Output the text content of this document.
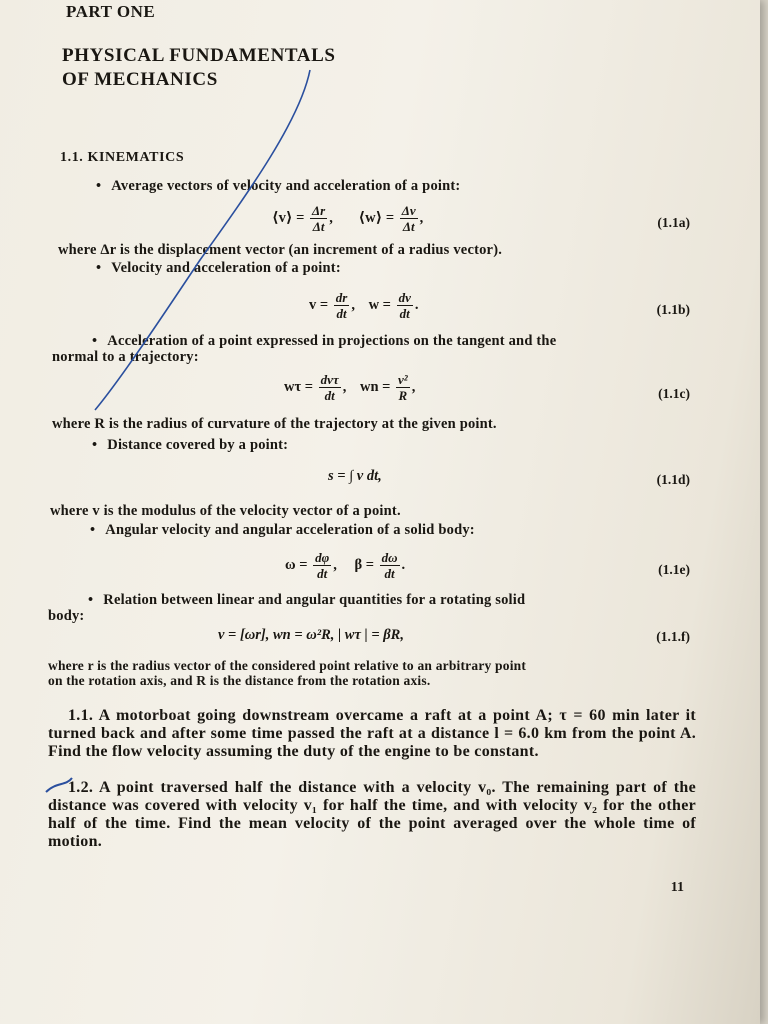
PART ONE
PHYSICAL FUNDAMENTALS
OF MECHANICS
1.1. KINEMATICS
• Average vectors of velocity and acceleration of a point:
⟨v⟩ = $\frac{\Delta r}{\Delta t}$ , ⟨w⟩ = $\frac{\Delta v}{\Delta t}$ ,	(1.1a)
where Δr is the displacement vector (an increment of a radius vector).
• Velocity and acceleration of a point:
$v = \frac{dr}{dt}$ , $w = \frac{dv}{dt}$ .	(1.1b)
• Acceleration of a point expressed in projections on the tangent and the
normal to a trajectory:
$w\tau = \frac{\text{dvτ}}{dt}$ , wn = $\frac{\text{v²}}{R}$ ,	(1.1c)
where R is the radius of curvature of the trajectory at the given point.
• Distance covered by a point:
s = ∫ v dt,	(1.1d)
where v is the modulus of the velocity vector of a point.
• Angular velocity and angular acceleration of a solid body:
$\omega = \frac{d\varphi}{dt}$ , $\beta = \frac{d\omega}{dt}$ .	(1.1e)
• Relation between linear and angular quantities for a rotating solid
body:
v = [ωr], wn = ω²R, | wτ | = βR,	(1.1.f)
where r is the radius vector of the considered point relative to an arbitrary point
on the rotation axis, and R is the distance from the rotation axis.
1.1. A motorboat going downstream overcame a raft at a point A; τ = 60 min later it turned back and after some time passed the raft at a distance l = 6.0 km from the point A. Find the flow velocity assuming the duty of the engine to be constant.
1.2. A point traversed half the distance with a velocity v₀. The remaining part of the distance was covered with velocity v₁ for half the time, and with velocity v₂ for the other half of the time. Find the mean velocity of the point averaged over the whole time of motion.
11
